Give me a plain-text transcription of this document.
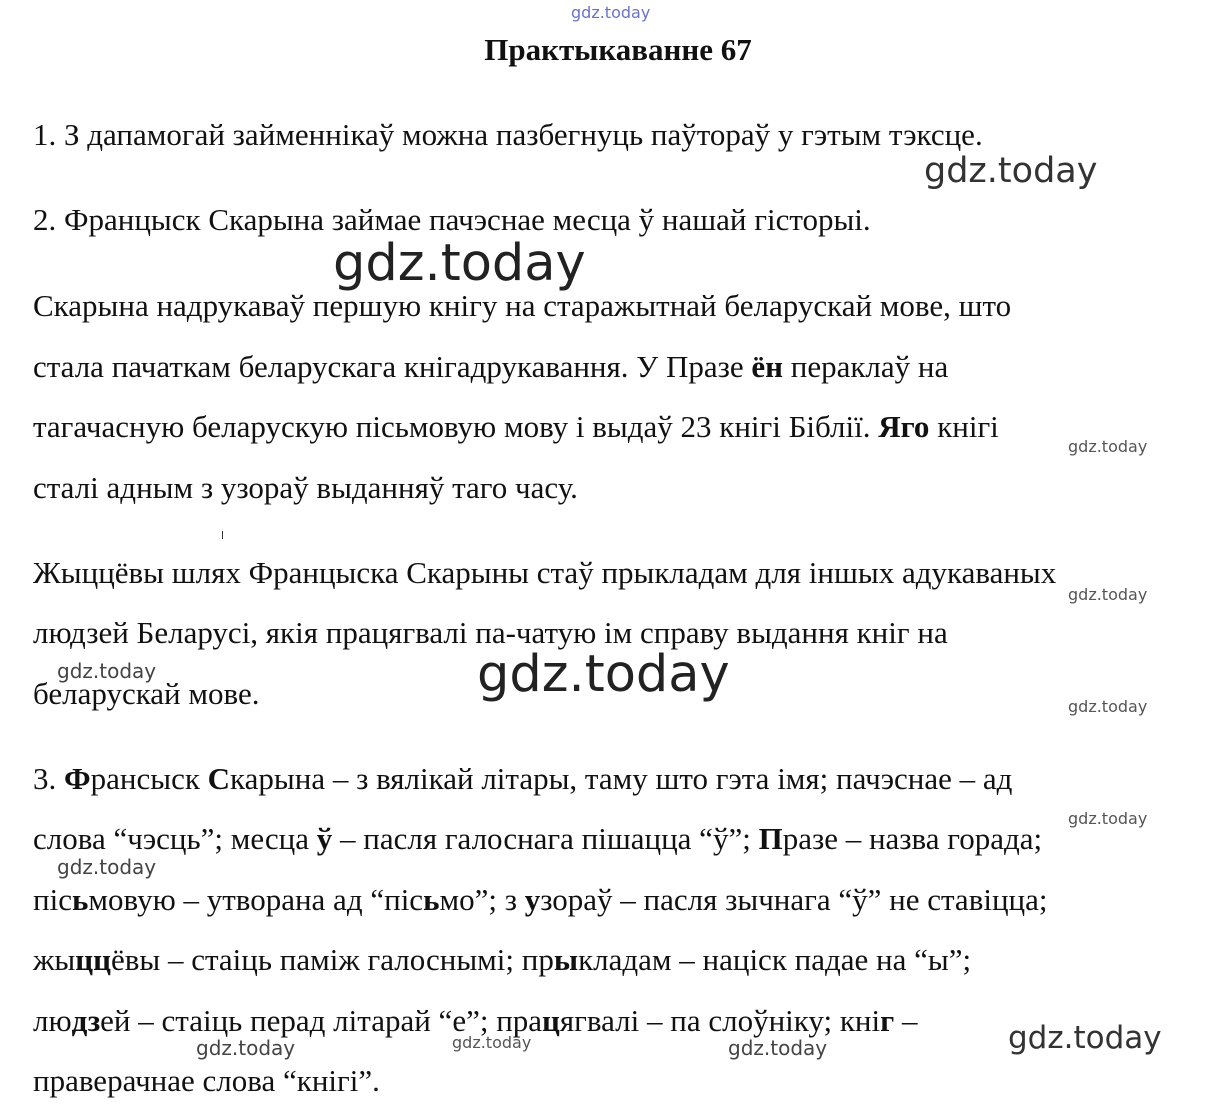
gdz.today
gdz.today
gdz.today
gdz.today
gdz.today
gdz.today	gdz.today
gdz.today
gdz.today
gdz.today
gdz.today	gdz.today	gdz.today	gdz.today
Практыкаванне 67
1. З дапамогай займеннікаў можна пазбегнуць паўтораў у гэтым тэксце.
2. Францыск Скарына займае пачэснае месца ў нашай гісторыі.
Скарына надрукаваў першую кнігу на старажытнай беларускай мове, што
стала пачаткам беларускага кнігадрукавання. У Празе ён пераклаў на
тагачасную беларускую пісьмовую мову і выдаў 23 кнігі Біблії. Яго кнігі
сталі адным з узораў выданняў таго часу.
Жыццёвы шлях Францыска Скарыны стаў прыкладам для іншых адукаваных
людзей Беларусі, якія працягвалі па-чатую ім справу выдання кніг на
беларускай мове.
3. Франсыск Скарына – з вялікай літары, таму што гэта імя; пачэснае – ад
слова “чэсць”; месца ў – пасля галоснага пішацца “ў”; Празе – назва горада;
пісьмовую – утворана ад “пісьмо”; з узораў – пасля зычнага “ў” не ставіцца;
жыццёвы – стаіць паміж галоснымі; прыкладам – націск падае на “ы”;
людзей – стаіць перад літарай “е”; працягвалі – па слоўніку; кніг –
праверачнае слова “кнігі”.
